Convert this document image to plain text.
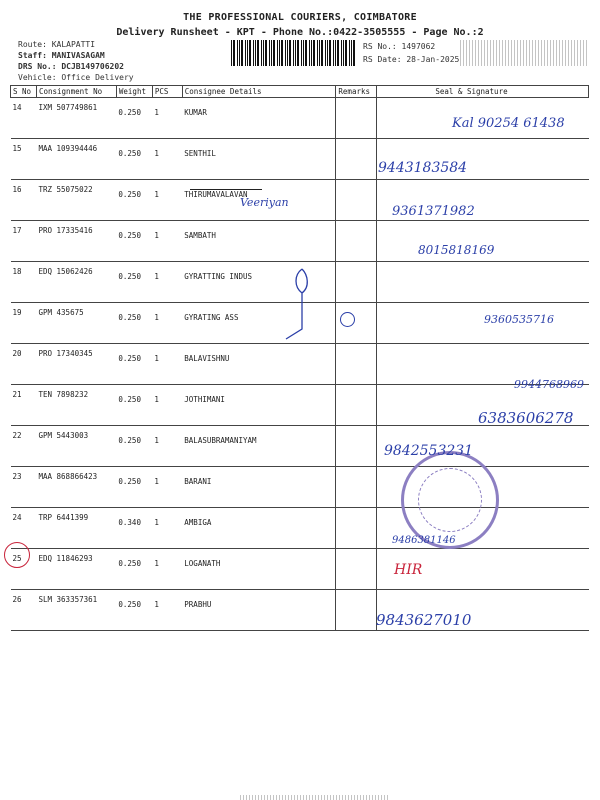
THE PROFESSIONAL COURIERS, COIMBATORE
Delivery Runsheet - KPT - Phone No.:0422-3505555 - Page No.:2
Route: KALAPATTI
Staff: MANIVASAGAM
DRS No.: DCJB149706202
Vehicle: Office Delivery
RS No.: 1497062
RS Date: 28-Jan-2025
S No	Consignment No	Weight	PCS	Consignee Details	Remarks	Seal & Signature
14	IXM 507749861	0.250	1	KUMAR		
15	MAA 109394446	0.250	1	SENTHIL		
16	TRZ 55075022	0.250	1	THIRUMAVALAVAN		
17	PRO 17335416	0.250	1	SAMBATH		
18	EDQ 15062426	0.250	1	GYRATTING INDUS		
19	GPM 435675	0.250	1	GYRATING ASS		
20	PRO 17340345	0.250	1	BALAVISHNU		
21	TEN 7898232	0.250	1	JOTHIMANI		
22	GPM 5443003	0.250	1	BALASUBRAMANIYAM		
23	MAA 868866423	0.250	1	BARANI		
24	TRP 6441399	0.340	1	AMBIGA		
25	EDQ 11846293	0.250	1	LOGANATH		
26	SLM 363357361	0.250	1	PRABHU		
Kal 90254 61438
9443183584
Veeriyan
9361371982
8015818169
9360535716
9944768969
6383606278
9842553231
9486381146
HIR
9843627010
